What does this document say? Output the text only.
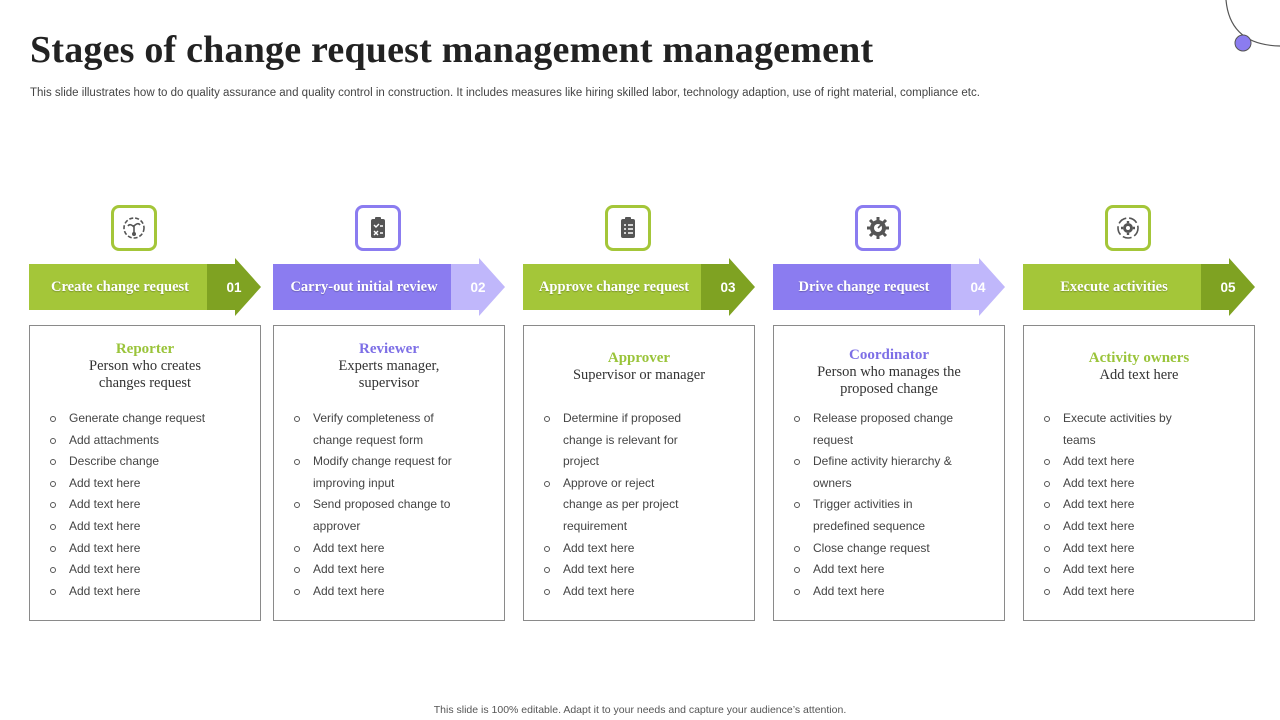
Stages of change request management management

This slide illustrates how to do quality assurance and quality control in construction. It includes measures like hiring skilled labor, technology adaption, use of right material, compliance etc.

Create change request	01
Reporter
Person who creates
changes request
Generate change request
Add attachments
Describe change
Add text here
Add text here
Add text here
Add text here
Add text here
Add text here
Carry-out initial review	02
Reviewer
Experts manager,
supervisor
Verify completeness of
change request form
Modify change request for
improving input
Send proposed change to
approver
Add text here
Add text here
Add text here
Approve change request	03
Approver
Supervisor or manager
Determine if proposed
change is relevant for
project
Approve or reject
change as per project
requirement
Add text here
Add text here
Add text here
Drive change request	04
Coordinator
Person who manages the
proposed change
Release proposed change
request
Define activity hierarchy &
owners
Trigger activities in
predefined sequence
Close change request
Add text here
Add text here
Execute activities	05
Activity owners
Add text here
Execute activities by
teams
Add text here
Add text here
Add text here
Add text here
Add text here
Add text here
Add text here

This slide is 100% editable. Adapt it to your needs and capture your audience’s attention.
